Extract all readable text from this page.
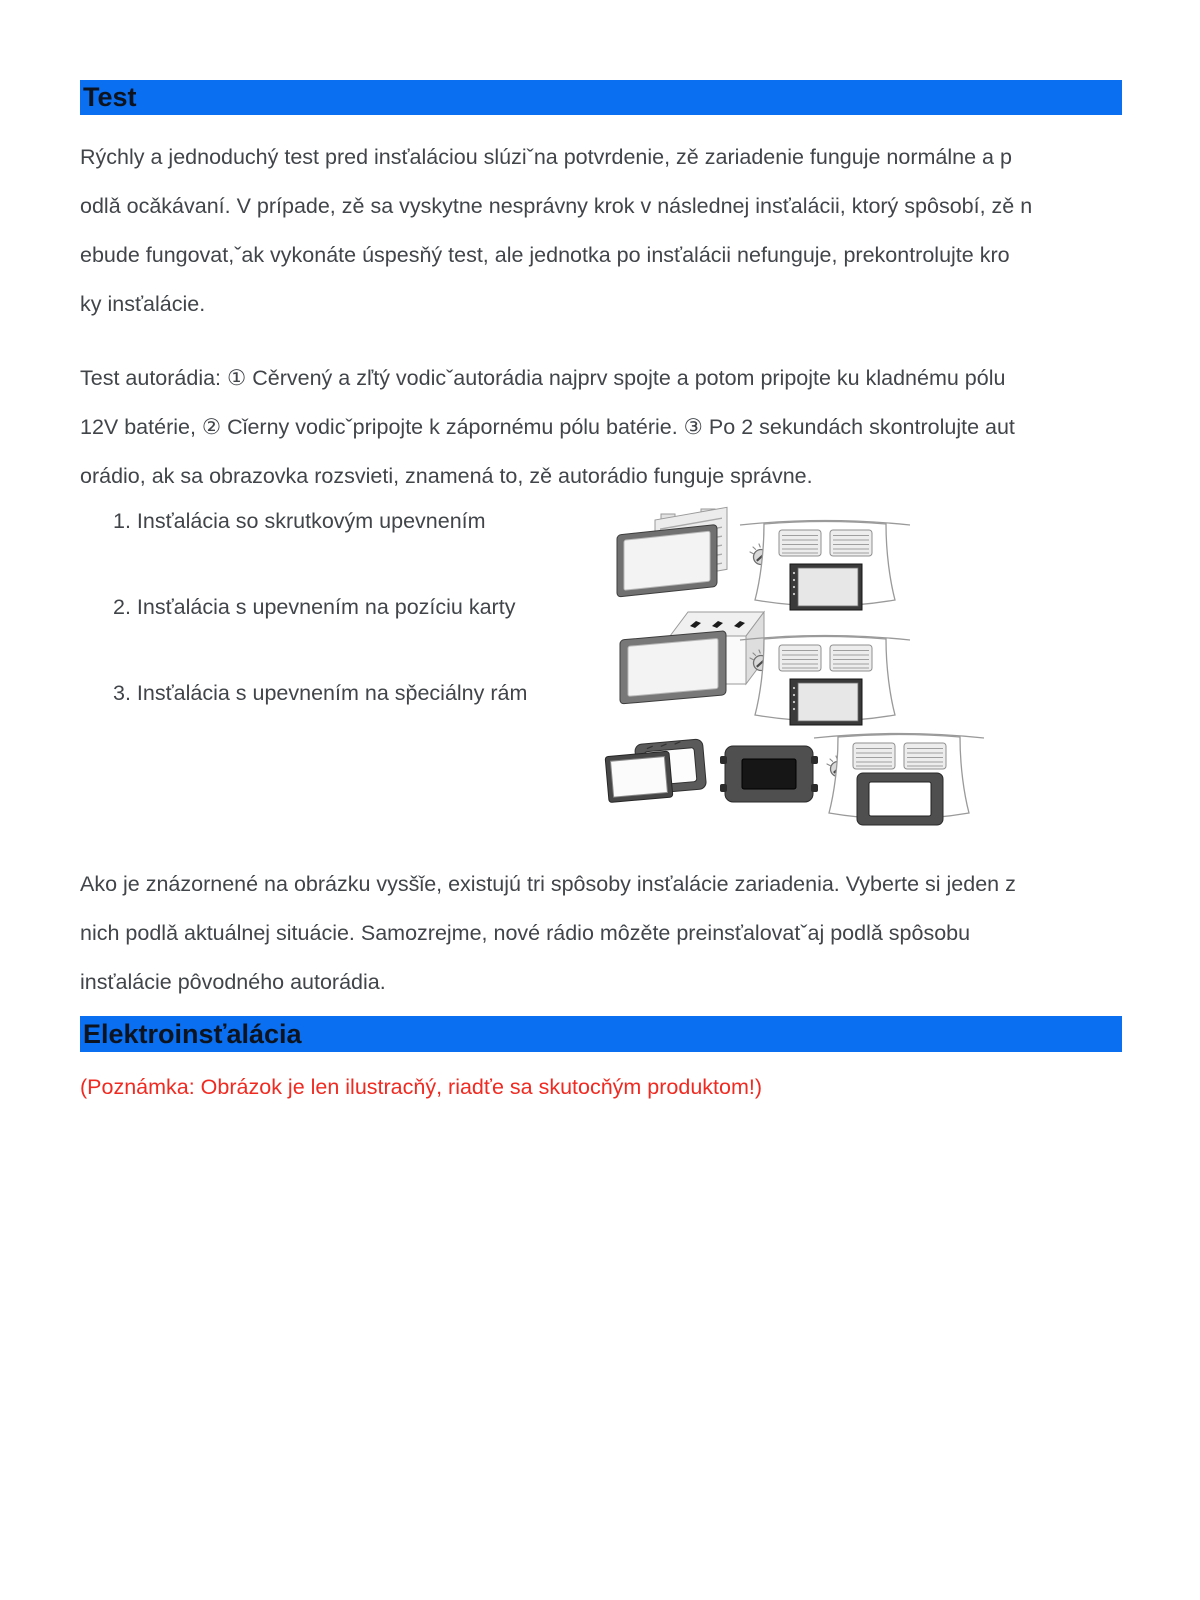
Test
Rýchly a jednoduchý test pred insťaláciou slúziˇna potvrdenie, zě zariadenie funguje normálne a p
odlǎ ocǎkávaní. V prípade, zě sa vyskytne nesprávny krok v následnej insťalácii, ktorý spôsobí, zě n
ebude fungovat,ˇak vykonáte úspesňý test, ale jednotka po insťalácii nefunguje, prekontrolujte kro
ky insťalácie.
Test autorádia: ① Cěrvený a zľtý vodicˇautorádia najprv spojte a potom pripojte ku kladnému pólu
12V batérie, ② Cǐerny vodicˇpripojte k zápornému pólu batérie. ③ Po 2 sekundách skontrolujte aut
orádio, ak sa obrazovka rozsvieti, znamená to, zě autorádio funguje správne.
1. Insťalácia so skrutkovým upevnením
2. Insťalácia s upevnením na pozíciu karty
3. Insťalácia s upevnením na sp̌eciálny rám
Ako je znázornené na obrázku vysšǐe, existujú tri spôsoby insťalácie zariadenia. Vyberte si jeden z
nich podlǎ aktuálnej situácie. Samozrejme, nové rádio môzěte preinsťalovatˇaj podlǎ spôsobu
insťalácie pôvodného autorádia.
Elektroinsťalácia
(Poznámka: Obrázok je len ilustracňý, riadťe sa skutocňým produktom!)
